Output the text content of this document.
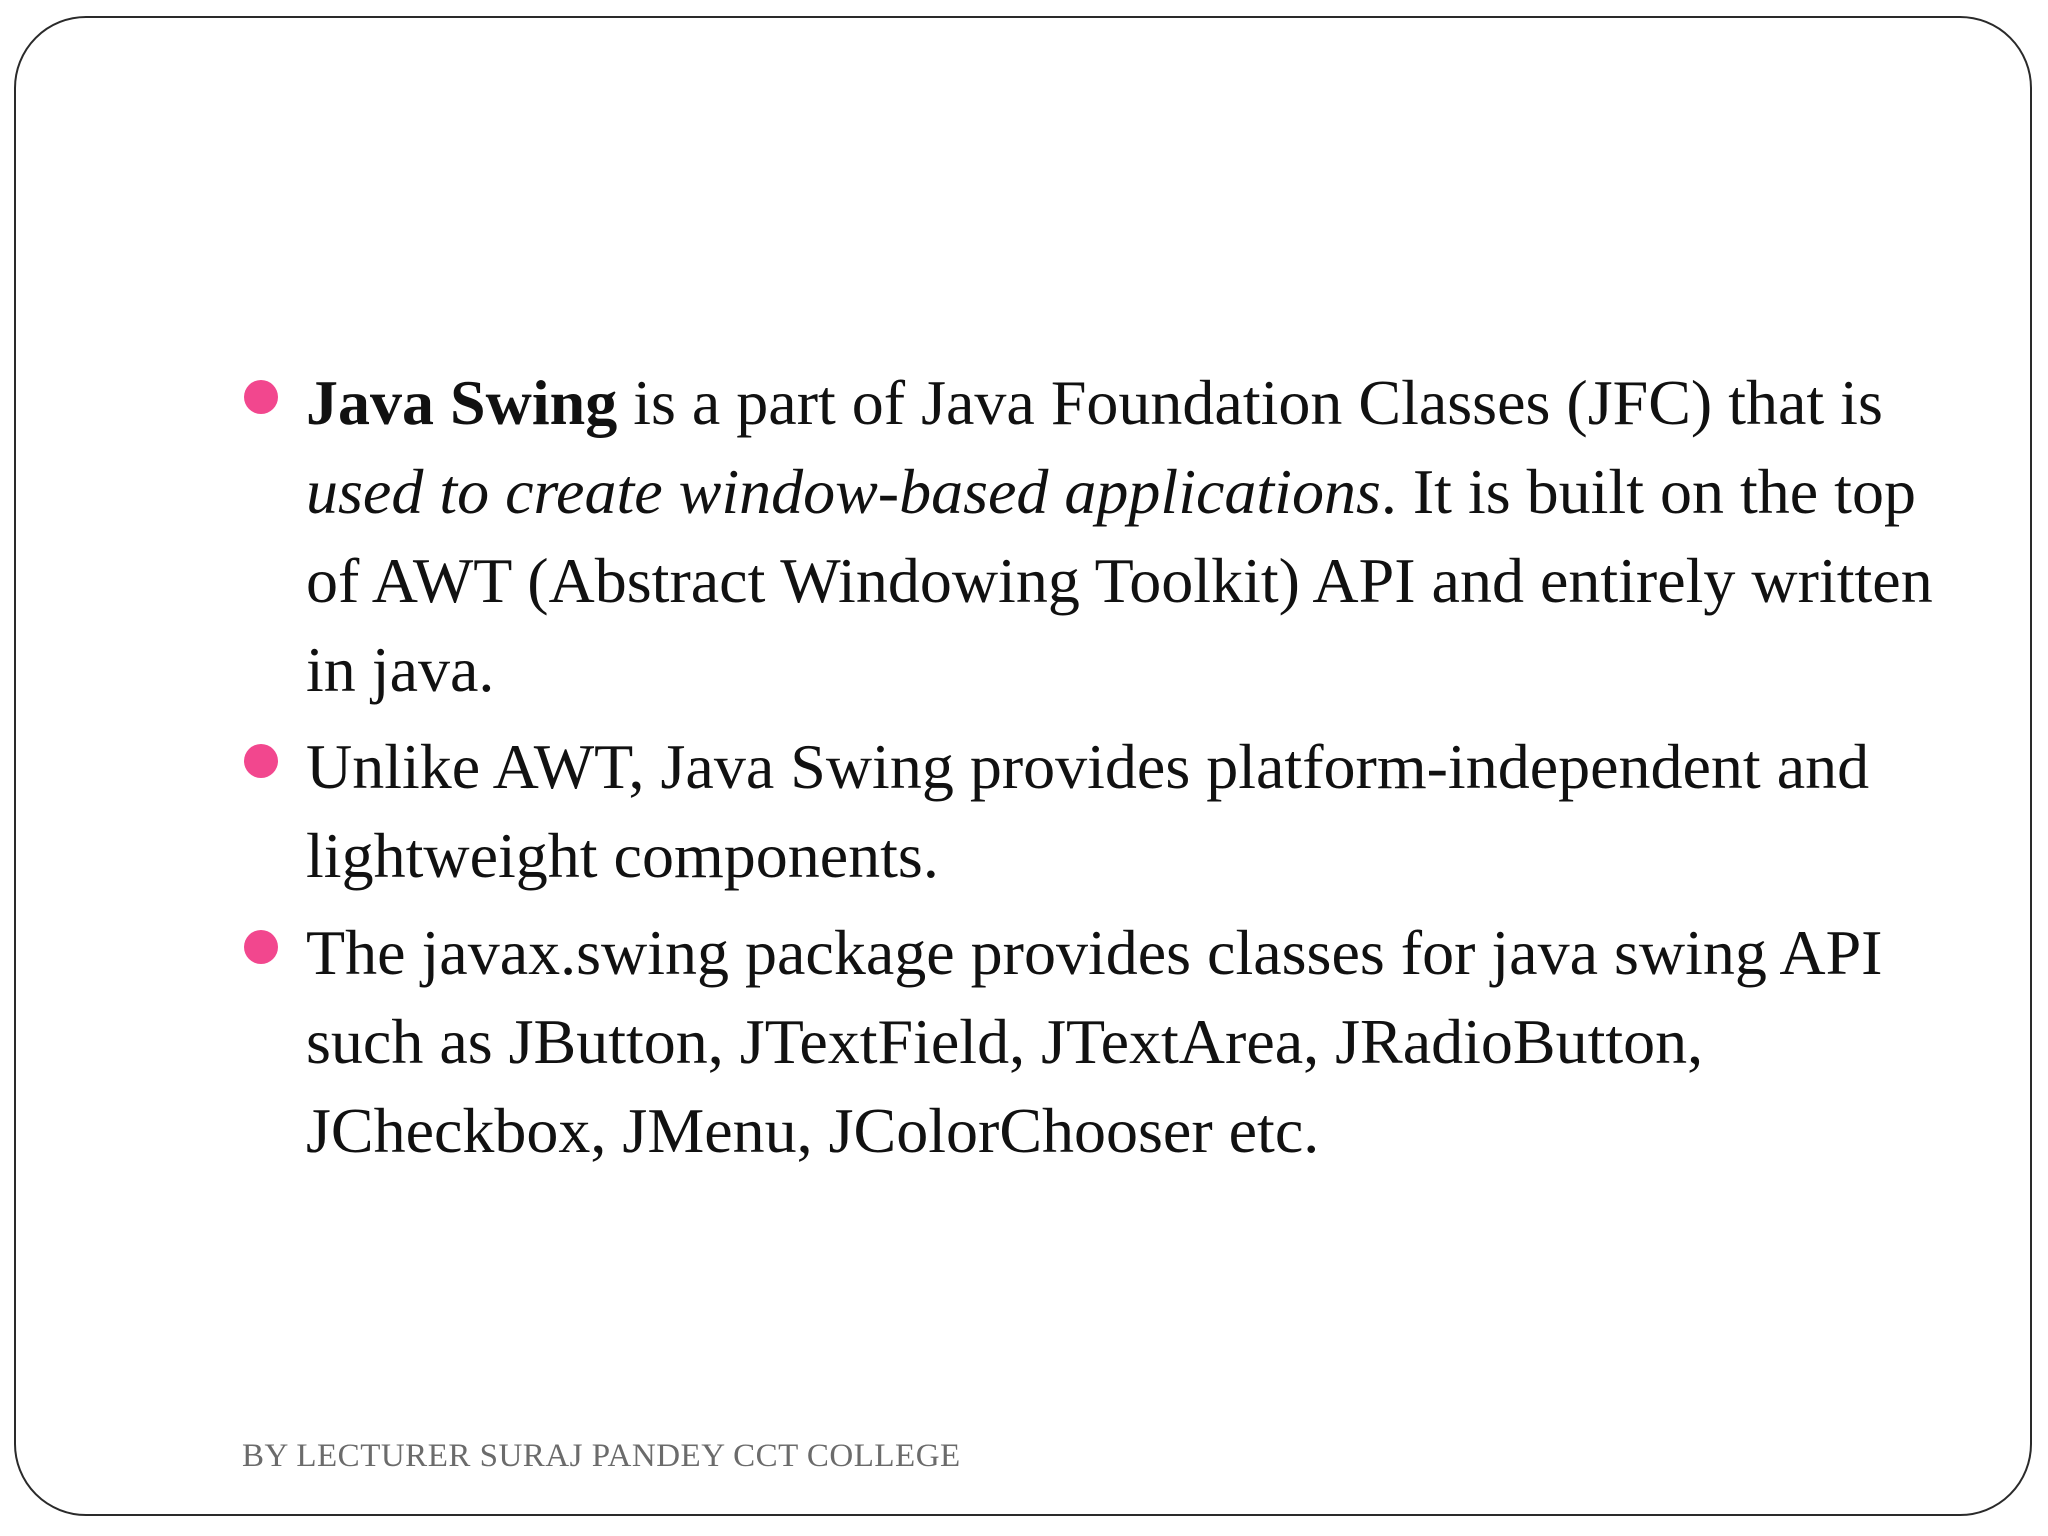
Java Swing is a part of Java Foundation Classes (JFC) that is used to create window-based applications. It is built on the top of AWT (Abstract Windowing Toolkit) API and entirely written in java.
Unlike AWT, Java Swing provides platform-independent and lightweight components.
The javax.swing package provides classes for java swing API such as JButton, JTextField, JTextArea, JRadioButton, JCheckbox, JMenu, JColorChooser etc.
BY LECTURER SURAJ PANDEY CCT COLLEGE
